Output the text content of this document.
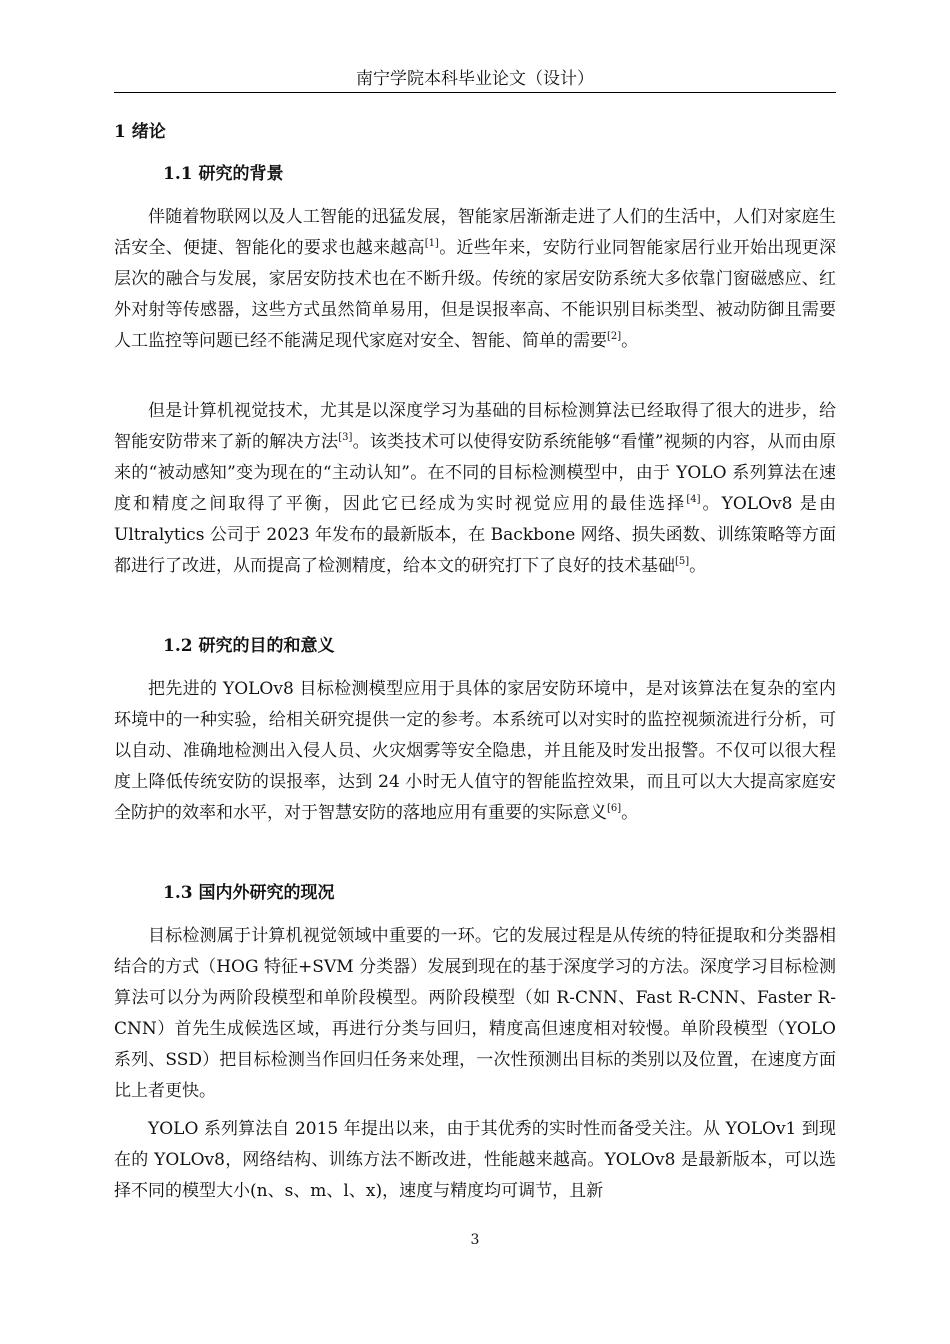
南宁学院本科毕业论文（设计）
1 绪论
1.1 研究的背景

伴随着物联网以及人工智能的迅猛发展，智能家居渐渐走进了人们的生活中，人们对家庭生活安全、便捷、智能化的要求也越来越高[1]。近些年来，安防行业同智能家居行业开始出现更深层次的融合与发展，家居安防技术也在不断升级。传统的家居安防系统大多依靠门窗磁感应、红外对射等传感器，这些方式虽然简单易用，但是误报率高、不能识别目标类型、被动防御且需要人工监控等问题已经不能满足现代家庭对安全、智能、简单的需要[2]。

但是计算机视觉技术，尤其是以深度学习为基础的目标检测算法已经取得了很大的进步，给智能安防带来了新的解决方法[3]。该类技术可以使得安防系统能够“看懂”视频的内容，从而由原来的“被动感知”变为现在的“主动认知”。在不同的目标检测模型中，由于 YOLO 系列算法在速度和精度之间取得了平衡，因此它已经成为实时视觉应用的最佳选择[4]。YOLOv8 是由 Ultralytics 公司于 2023 年发布的最新版本，在 Backbone 网络、损失函数、训练策略等方面都进行了改进，从而提高了检测精度，给本文的研究打下了良好的技术基础[5]。

1.2 研究的目的和意义

把先进的 YOLOv8 目标检测模型应用于具体的家居安防环境中，是对该算法在复杂的室内环境中的一种实验，给相关研究提供一定的参考。本系统可以对实时的监控视频流进行分析，可以自动、准确地检测出入侵人员、火灾烟雾等安全隐患，并且能及时发出报警。不仅可以很大程度上降低传统安防的误报率，达到 24 小时无人值守的智能监控效果，而且可以大大提高家庭安全防护的效率和水平，对于智慧安防的落地应用有重要的实际意义[6]。

1.3 国内外研究的现况

目标检测属于计算机视觉领域中重要的一环。它的发展过程是从传统的特征提取和分类器相结合的方式（HOG 特征+SVM 分类器）发展到现在的基于深度学习的方法。深度学习目标检测算法可以分为两阶段模型和单阶段模型。两阶段模型（如 R-CNN、Fast R-CNN、Faster R-CNN）首先生成候选区域，再进行分类与回归，精度高但速度相对较慢。单阶段模型（YOLO 系列、SSD）把目标检测当作回归任务来处理，一次性预测出目标的类别以及位置，在速度方面比上者更快。

YOLO 系列算法自 2015 年提出以来，由于其优秀的实时性而备受关注。从 YOLOv1 到现在的 YOLOv8，网络结构、训练方法不断改进，性能越来越高。YOLOv8 是最新版本，可以选择不同的模型大小(n、s、m、l、x)，速度与精度均可调节，且新

3
